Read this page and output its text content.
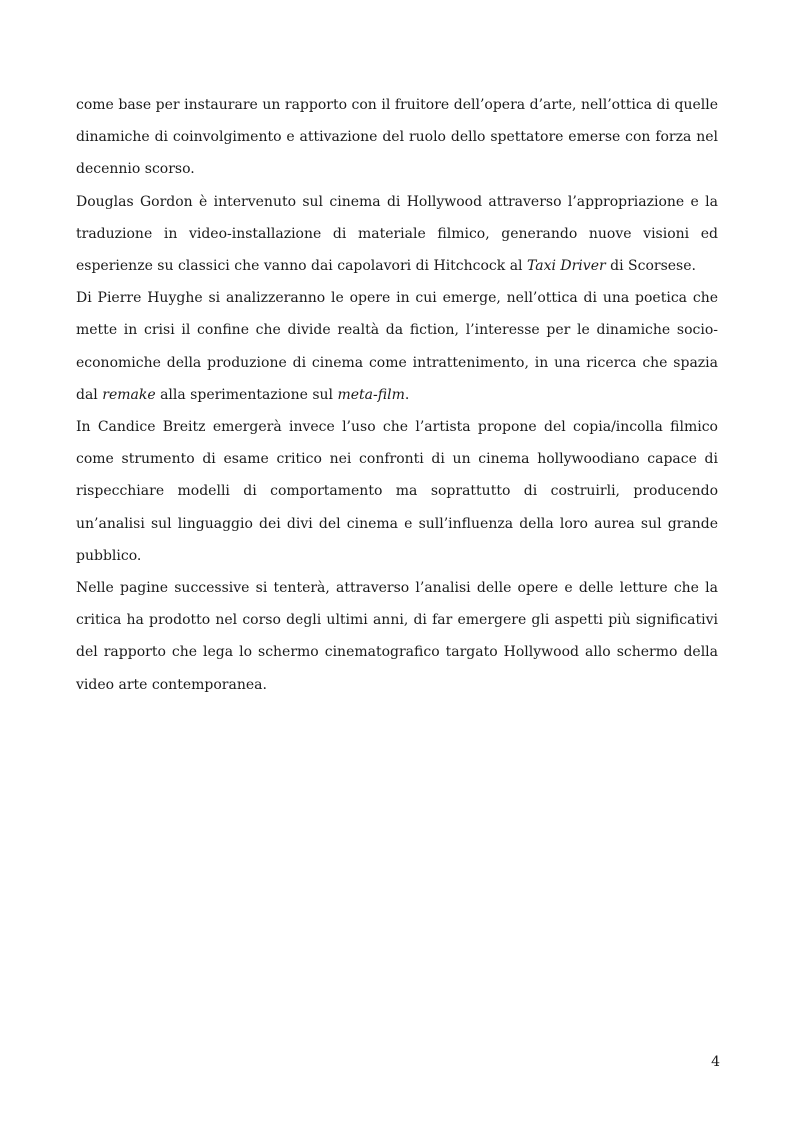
come base per instaurare un rapporto con il fruitore dell’opera d’arte, nell’ottica di quelle dinamiche di coinvolgimento e attivazione del ruolo dello spettatore emerse con forza nel decennio scorso.

Douglas Gordon è intervenuto sul cinema di Hollywood attraverso l’appropriazione e la traduzione in video-installazione di materiale filmico, generando nuove visioni ed esperienze su classici che vanno dai capolavori di Hitchcock al Taxi Driver di Scorsese.

Di Pierre Huyghe si analizzeranno le opere in cui emerge, nell’ottica di una poetica che mette in crisi il confine che divide realtà da fiction, l’interesse per le dinamiche socio-economiche della produzione di cinema come intrattenimento, in una ricerca che spazia dal remake alla sperimentazione sul meta-film.

In Candice Breitz emergerà invece l’uso che l’artista propone del copia/incolla filmico come strumento di esame critico nei confronti di un cinema hollywoodiano capace di rispecchiare modelli di comportamento ma soprattutto di costruirli, producendo un’analisi sul linguaggio dei divi del cinema e sull’influenza della loro aurea sul grande pubblico.

Nelle pagine successive si tenterà, attraverso l’analisi delle opere e delle letture che la critica ha prodotto nel corso degli ultimi anni, di far emergere gli aspetti più significativi del rapporto che lega lo schermo cinematografico targato Hollywood allo schermo della video arte contemporanea.

4
